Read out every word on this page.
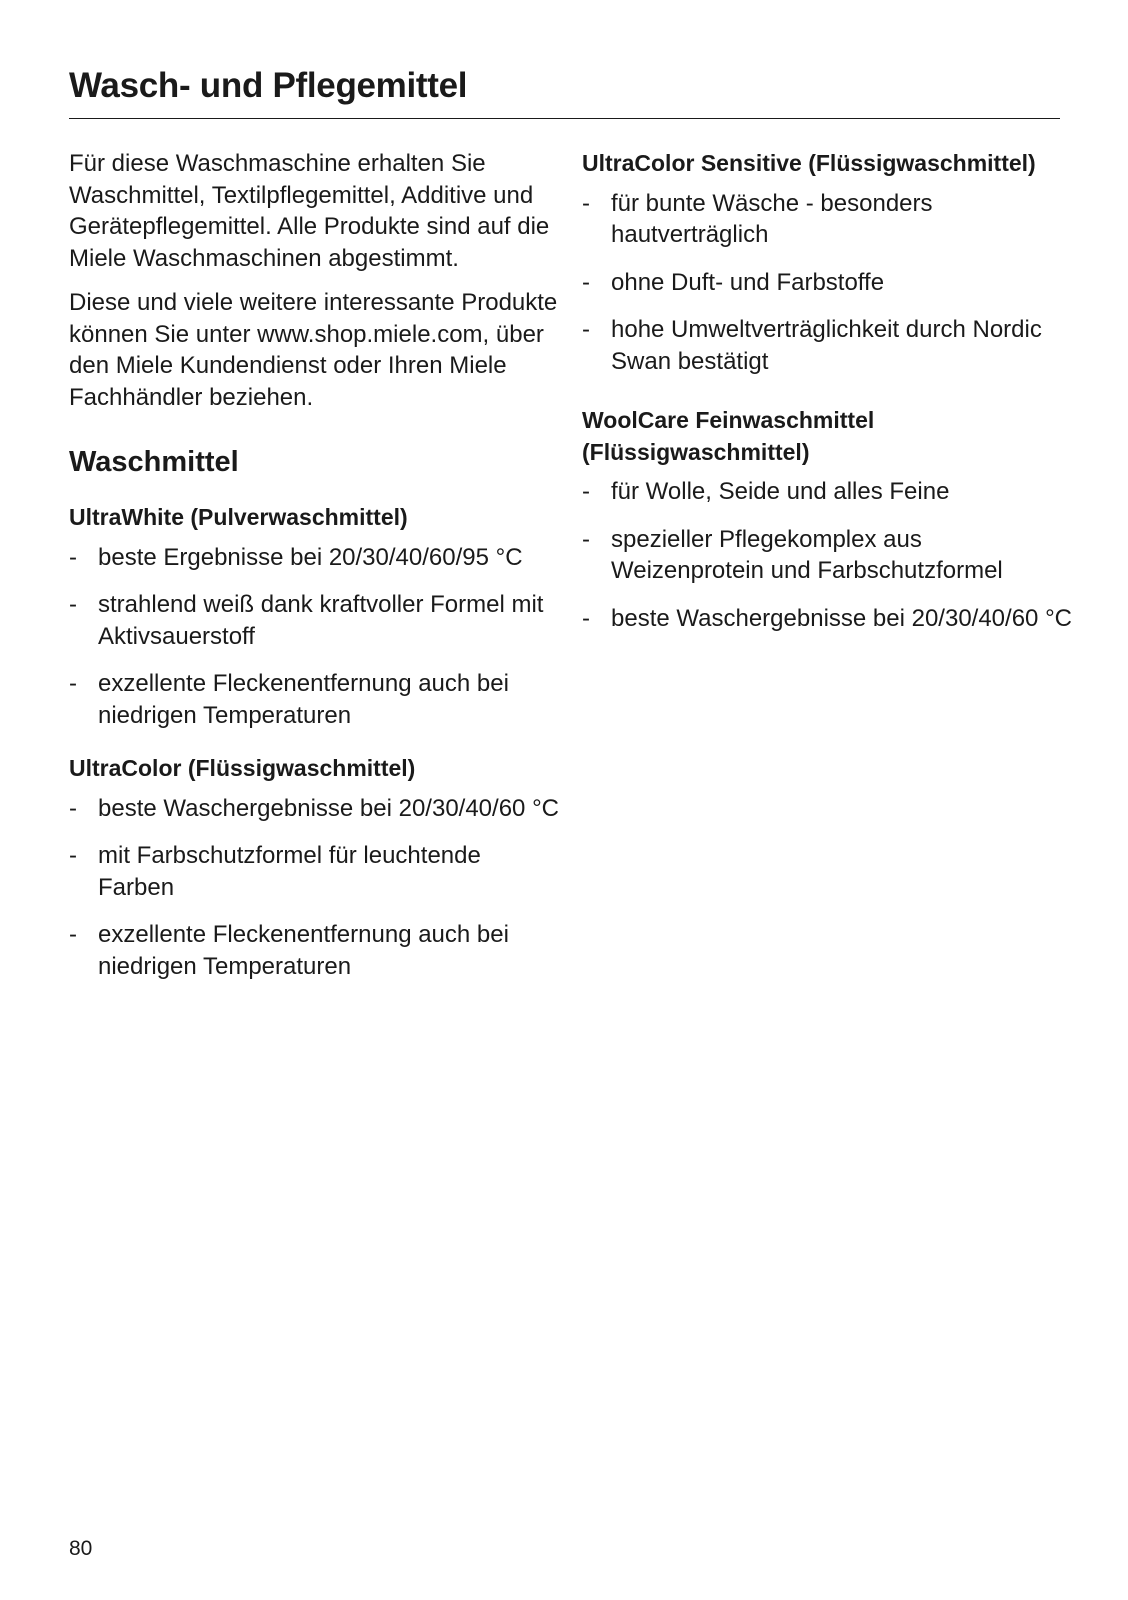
Wasch- und Pflegemittel

Für diese Waschmaschine erhalten Sie Waschmittel, Textilpflegemittel, Additive und Gerätepflegemittel. Alle Produkte sind auf die Miele Waschmaschinen abgestimmt.

Diese und viele weitere interessante Produkte können Sie unter www.shop.miele.com, über den Miele Kundendienst oder Ihren Miele Fachhändler beziehen.

Waschmittel
UltraWhite (Pulverwaschmittel)
- beste Ergebnisse bei 20/30/40/60/95 °C
- strahlend weiß dank kraftvoller Formel mit Aktivsauerstoff
- exzellente Fleckenentfernung auch bei niedrigen Temperaturen
UltraColor (Flüssigwaschmittel)
- beste Waschergebnisse bei 20/30/40/60 °C
- mit Farbschutzformel für leuchtende Farben
- exzellente Fleckenentfernung auch bei niedrigen Temperaturen
UltraColor Sensitive (Flüssigwaschmittel)
- für bunte Wäsche - besonders hautverträglich
- ohne Duft- und Farbstoffe
- hohe Umweltverträglichkeit durch Nordic Swan bestätigt
WoolCare Feinwaschmittel (Flüssigwaschmittel)
- für Wolle, Seide und alles Feine
- spezieller Pflegekomplex aus Weizenprotein und Farbschutzformel
- beste Waschergebnisse bei 20/30/40/60 °C
80
